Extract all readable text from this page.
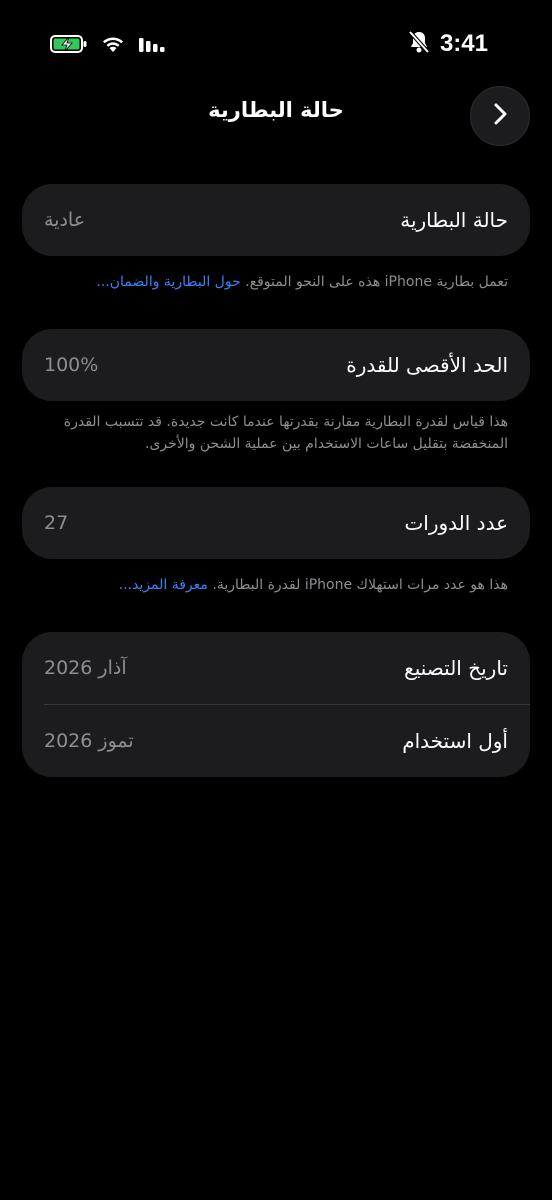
3:41
حالة البطارية
حالة البطارية
عادية
تعمل بطارية iPhone هذه على النحو المتوقع. حول البطارية والضمان...
الحد الأقصى للقدرة
100%
هذا قياس لقدرة البطارية مقارنة بقدرتها عندما كانت جديدة. قد تتسبب القدرة المنخفضة بتقليل ساعات الاستخدام بين عملية الشحن والأخرى.
عدد الدورات
27
هذا هو عدد مرات استهلاك iPhone لقدرة البطارية. معرفة المزيد...
تاريخ التصنيع
آذار 2026
أول استخدام
تموز 2026
